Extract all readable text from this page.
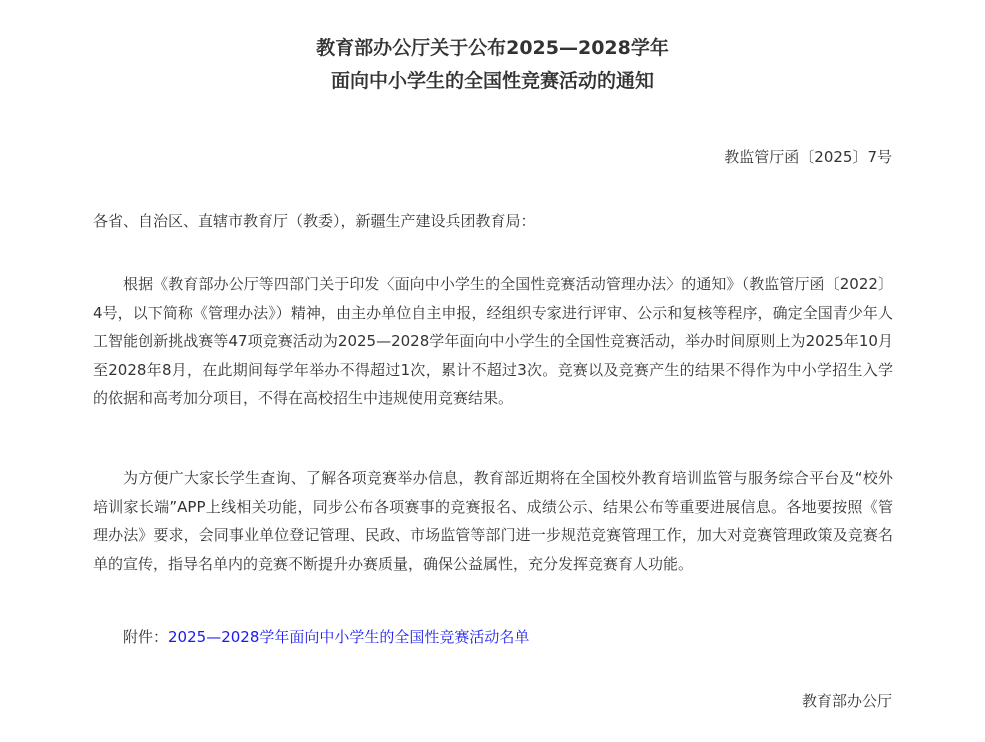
教育部办公厅关于公布2025—2028学年
面向中小学生的全国性竞赛活动的通知
教监管厅函〔2025〕7号
各省、自治区、直辖市教育厅（教委），新疆生产建设兵团教育局：

根据《教育部办公厅等四部门关于印发〈面向中小学生的全国性竞赛活动管理办法〉的通知》（教监管厅函〔2022〕4号，以下简称《管理办法》）精神，由主办单位自主申报，经组织专家进行评审、公示和复核等程序，确定全国青少年人工智能创新挑战赛等47项竞赛活动为2025—2028学年面向中小学生的全国性竞赛活动，举办时间原则上为2025年10月至2028年8月，在此期间每学年举办不得超过1次，累计不超过3次。竞赛以及竞赛产生的结果不得作为中小学招生入学的依据和高考加分项目，不得在高校招生中违规使用竞赛结果。

为方便广大家长学生查询、了解各项竞赛举办信息，教育部近期将在全国校外教育培训监管与服务综合平台及“校外培训家长端”APP上线相关功能，同步公布各项赛事的竞赛报名、成绩公示、结果公布等重要进展信息。各地要按照《管理办法》要求，会同事业单位登记管理、民政、市场监管等部门进一步规范竞赛管理工作，加大对竞赛管理政策及竞赛名单的宣传，指导名单内的竞赛不断提升办赛质量，确保公益属性，充分发挥竞赛育人功能。

附件：2025—2028学年面向中小学生的全国性竞赛活动名单
教育部办公厅
